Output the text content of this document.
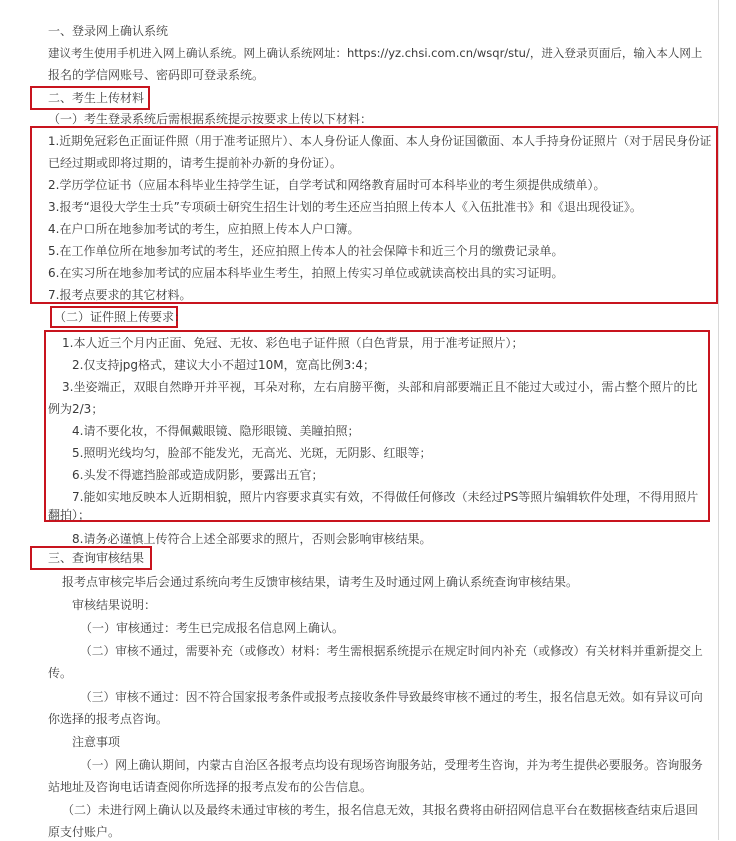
一、登录网上确认系统
建议考生使用手机进入网上确认系统。网上确认系统网址：https://yz.chsi.com.cn/wsqr/stu/，进入登录页面后，输入本人网上
报名的学信网账号、密码即可登录系统。
二、考生上传材料
（一）考生登录系统后需根据系统提示按要求上传以下材料：
1.近期免冠彩色正面证件照（用于准考证照片）、本人身份证人像面、本人身份证国徽面、本人手持身份证照片（对于居民身份证
已经过期或即将过期的，请考生提前补办新的身份证）。
2.学历学位证书（应届本科毕业生持学生证，自学考试和网络教育届时可本科毕业的考生须提供成绩单）。
3.报考“退役大学生士兵”专项硕士研究生招生计划的考生还应当拍照上传本人《入伍批准书》和《退出现役证》。
4.在户口所在地参加考试的考生，应拍照上传本人户口簿。
5.在工作单位所在地参加考试的考生，还应拍照上传本人的社会保障卡和近三个月的缴费记录单。
6.在实习所在地参加考试的应届本科毕业生考生，拍照上传实习单位或就读高校出具的实习证明。
7.报考点要求的其它材料。
（二）证件照上传要求：
1.本人近三个月内正面、免冠、无妆、彩色电子证件照（白色背景，用于准考证照片）；
2.仅支持jpg格式，建议大小不超过10M，宽高比例3:4；
3.坐姿端正，双眼自然睁开并平视，耳朵对称，左右肩膀平衡，头部和肩部要端正且不能过大或过小，需占整个照片的比
例为2/3；
4.请不要化妆，不得佩戴眼镜、隐形眼镜、美瞳拍照；
5.照明光线均匀，脸部不能发光，无高光、光斑，无阴影、红眼等；
6.头发不得遮挡脸部或造成阴影，要露出五官；
7.能如实地反映本人近期相貌，照片内容要求真实有效，不得做任何修改（未经过PS等照片编辑软件处理，不得用照片
翻拍）；
8.请务必谨慎上传符合上述全部要求的照片，否则会影响审核结果。
三、查询审核结果
报考点审核完毕后会通过系统向考生反馈审核结果，请考生及时通过网上确认系统查询审核结果。
审核结果说明：
（一）审核通过：考生已完成报名信息网上确认。
（二）审核不通过，需要补充（或修改）材料：考生需根据系统提示在规定时间内补充（或修改）有关材料并重新提交上
传。
（三）审核不通过：因不符合国家报考条件或报考点接收条件导致最终审核不通过的考生，报名信息无效。如有异议可向
你选择的报考点咨询。
注意事项
（一）网上确认期间，内蒙古自治区各报考点均设有现场咨询服务站，受理考生咨询，并为考生提供必要服务。咨询服务
站地址及咨询电话请查阅你所选择的报考点发布的公告信息。
（二）未进行网上确认以及最终未通过审核的考生，报名信息无效，其报名费将由研招网信息平台在数据核查结束后退回
原支付账户。
